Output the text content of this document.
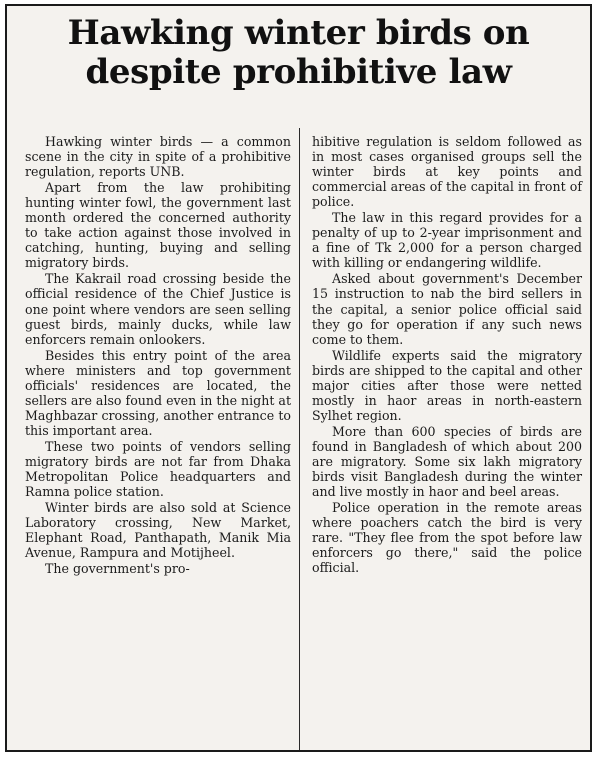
Hawking winter birds on despite prohibitive law

Hawking winter birds — a common scene in the city in spite of a prohibitive regulation, reports UNB.

Apart from the law prohibiting hunting winter fowl, the government last month ordered the concerned authority to take action against those involved in catching, hunting, buying and selling migratory birds.

The Kakrail road crossing beside the official residence of the Chief Justice is one point where vendors are seen selling guest birds, mainly ducks, while law enforcers remain onlookers.

Besides this entry point of the area where ministers and top government officials' residences are located, the sellers are also found even in the night at Maghbazar crossing, another entrance to this important area.

These two points of vendors selling migratory birds are not far from Dhaka Metropolitan Police headquarters and Ramna police station.

Winter birds are also sold at Science Laboratory crossing, New Market, Elephant Road, Panthapath, Manik Mia Avenue, Rampura and Motijheel.

The government's pro-

hibitive regulation is seldom followed as in most cases organised groups sell the winter birds at key points and commercial areas of the capital in front of police.

The law in this regard provides for a penalty of up to 2-year imprisonment and a fine of Tk 2,000 for a person charged with killing or endangering wildlife.

Asked about government's December 15 instruction to nab the bird sellers in the capital, a senior police official said they go for operation if any such news come to them.

Wildlife experts said the migratory birds are shipped to the capital and other major cities after those were netted mostly in haor areas in north-eastern Sylhet region.

More than 600 species of birds are found in Bangladesh of which about 200 are migratory. Some six lakh migratory birds visit Bangladesh during the winter and live mostly in haor and beel areas.

Police operation in the remote areas where poachers catch the bird is very rare. "They flee from the spot before law enforcers go there," said the police official.
